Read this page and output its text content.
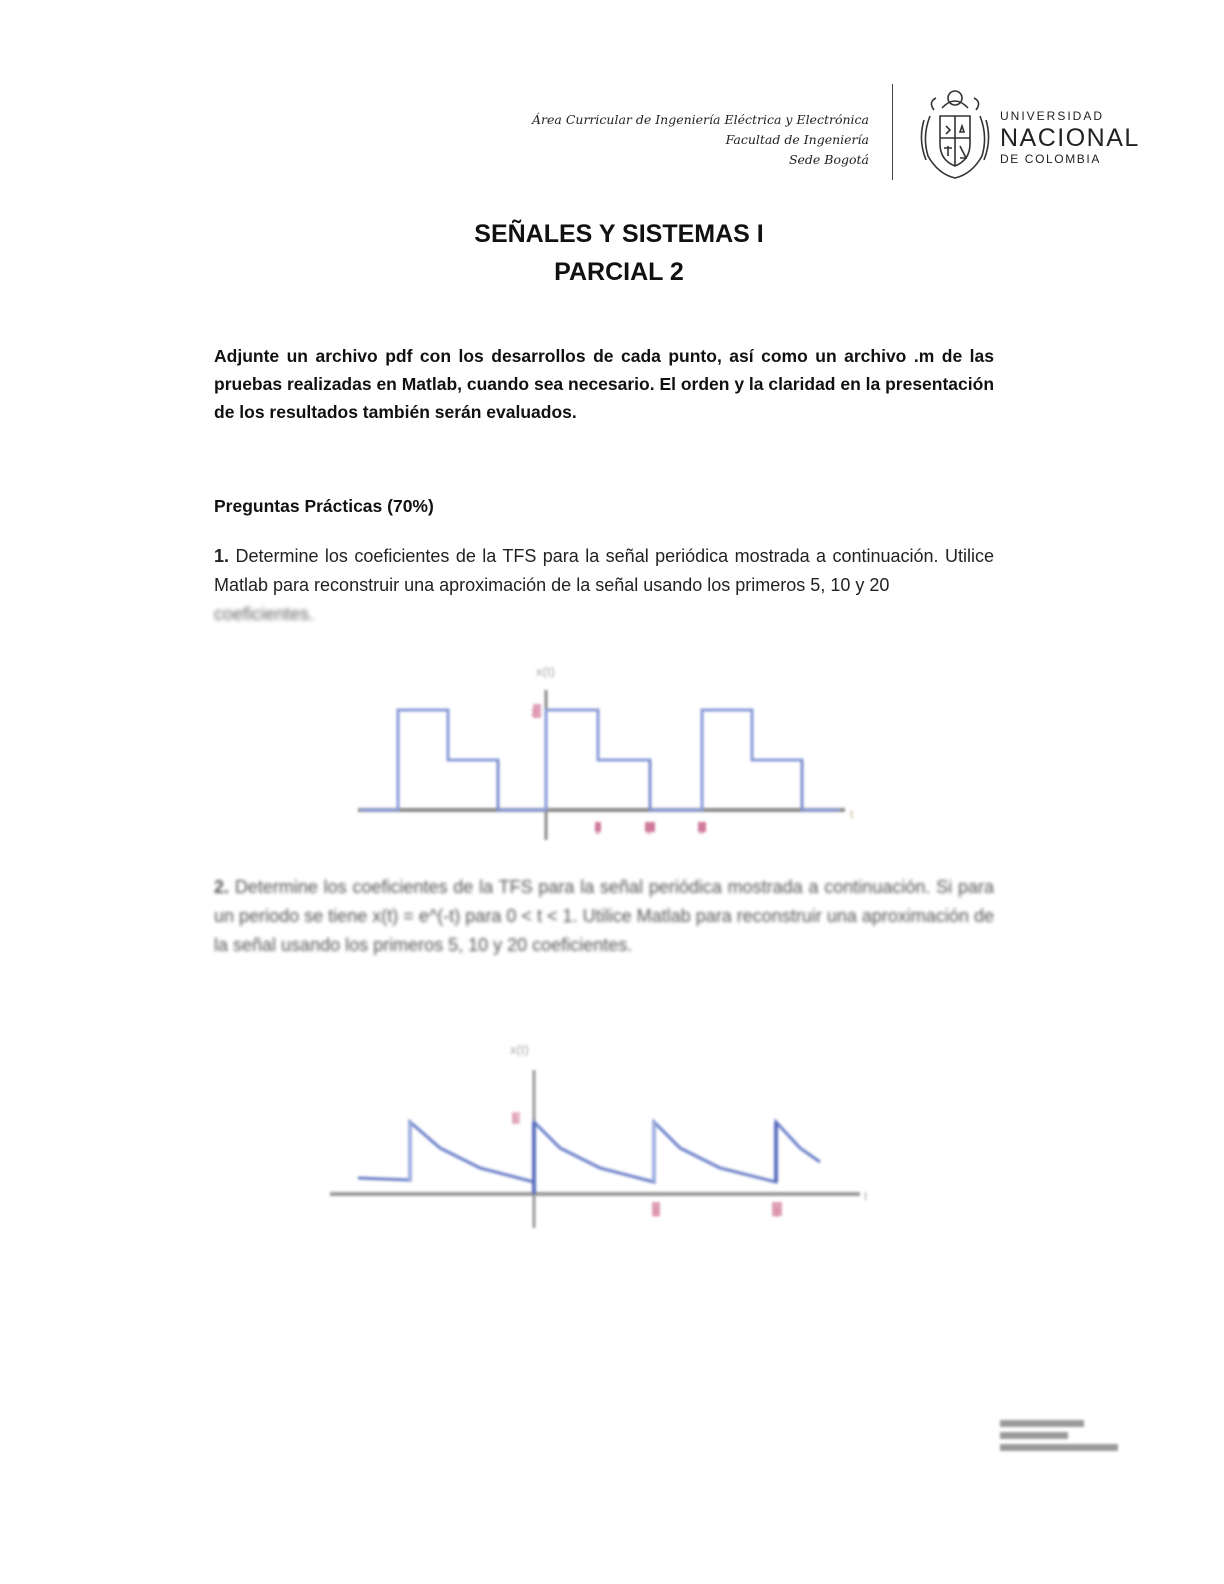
Área Curricular de Ingeniería Eléctrica y Electrónica
Facultad de Ingeniería
Sede Bogotá
UNIVERSIDAD
NACIONAL
DE COLOMBIA
SEÑALES Y SISTEMAS I
PARCIAL 2
Adjunte un archivo pdf con los desarrollos de cada punto, así como un archivo .m de las pruebas realizadas en Matlab, cuando sea necesario. El orden y la claridad en la presentación de los resultados también serán evaluados.
Preguntas Prácticas (70%)
1. Determine los coeficientes de la TFS para la señal periódica mostrada a continuación. Utilice Matlab para reconstruir una aproximación de la señal usando los primeros 5, 10 y 20
coeficientes.
x(t)
t
2
1	2	3
2. Determine los coeficientes de la TFS para la señal periódica mostrada a continuación. Si para un periodo se tiene x(t) = e^(-t) para 0 < t < 1. Utilice Matlab para reconstruir una aproximación de la señal usando los primeros 5, 10 y 20 coeficientes.
x(t)
t
1
1	2
